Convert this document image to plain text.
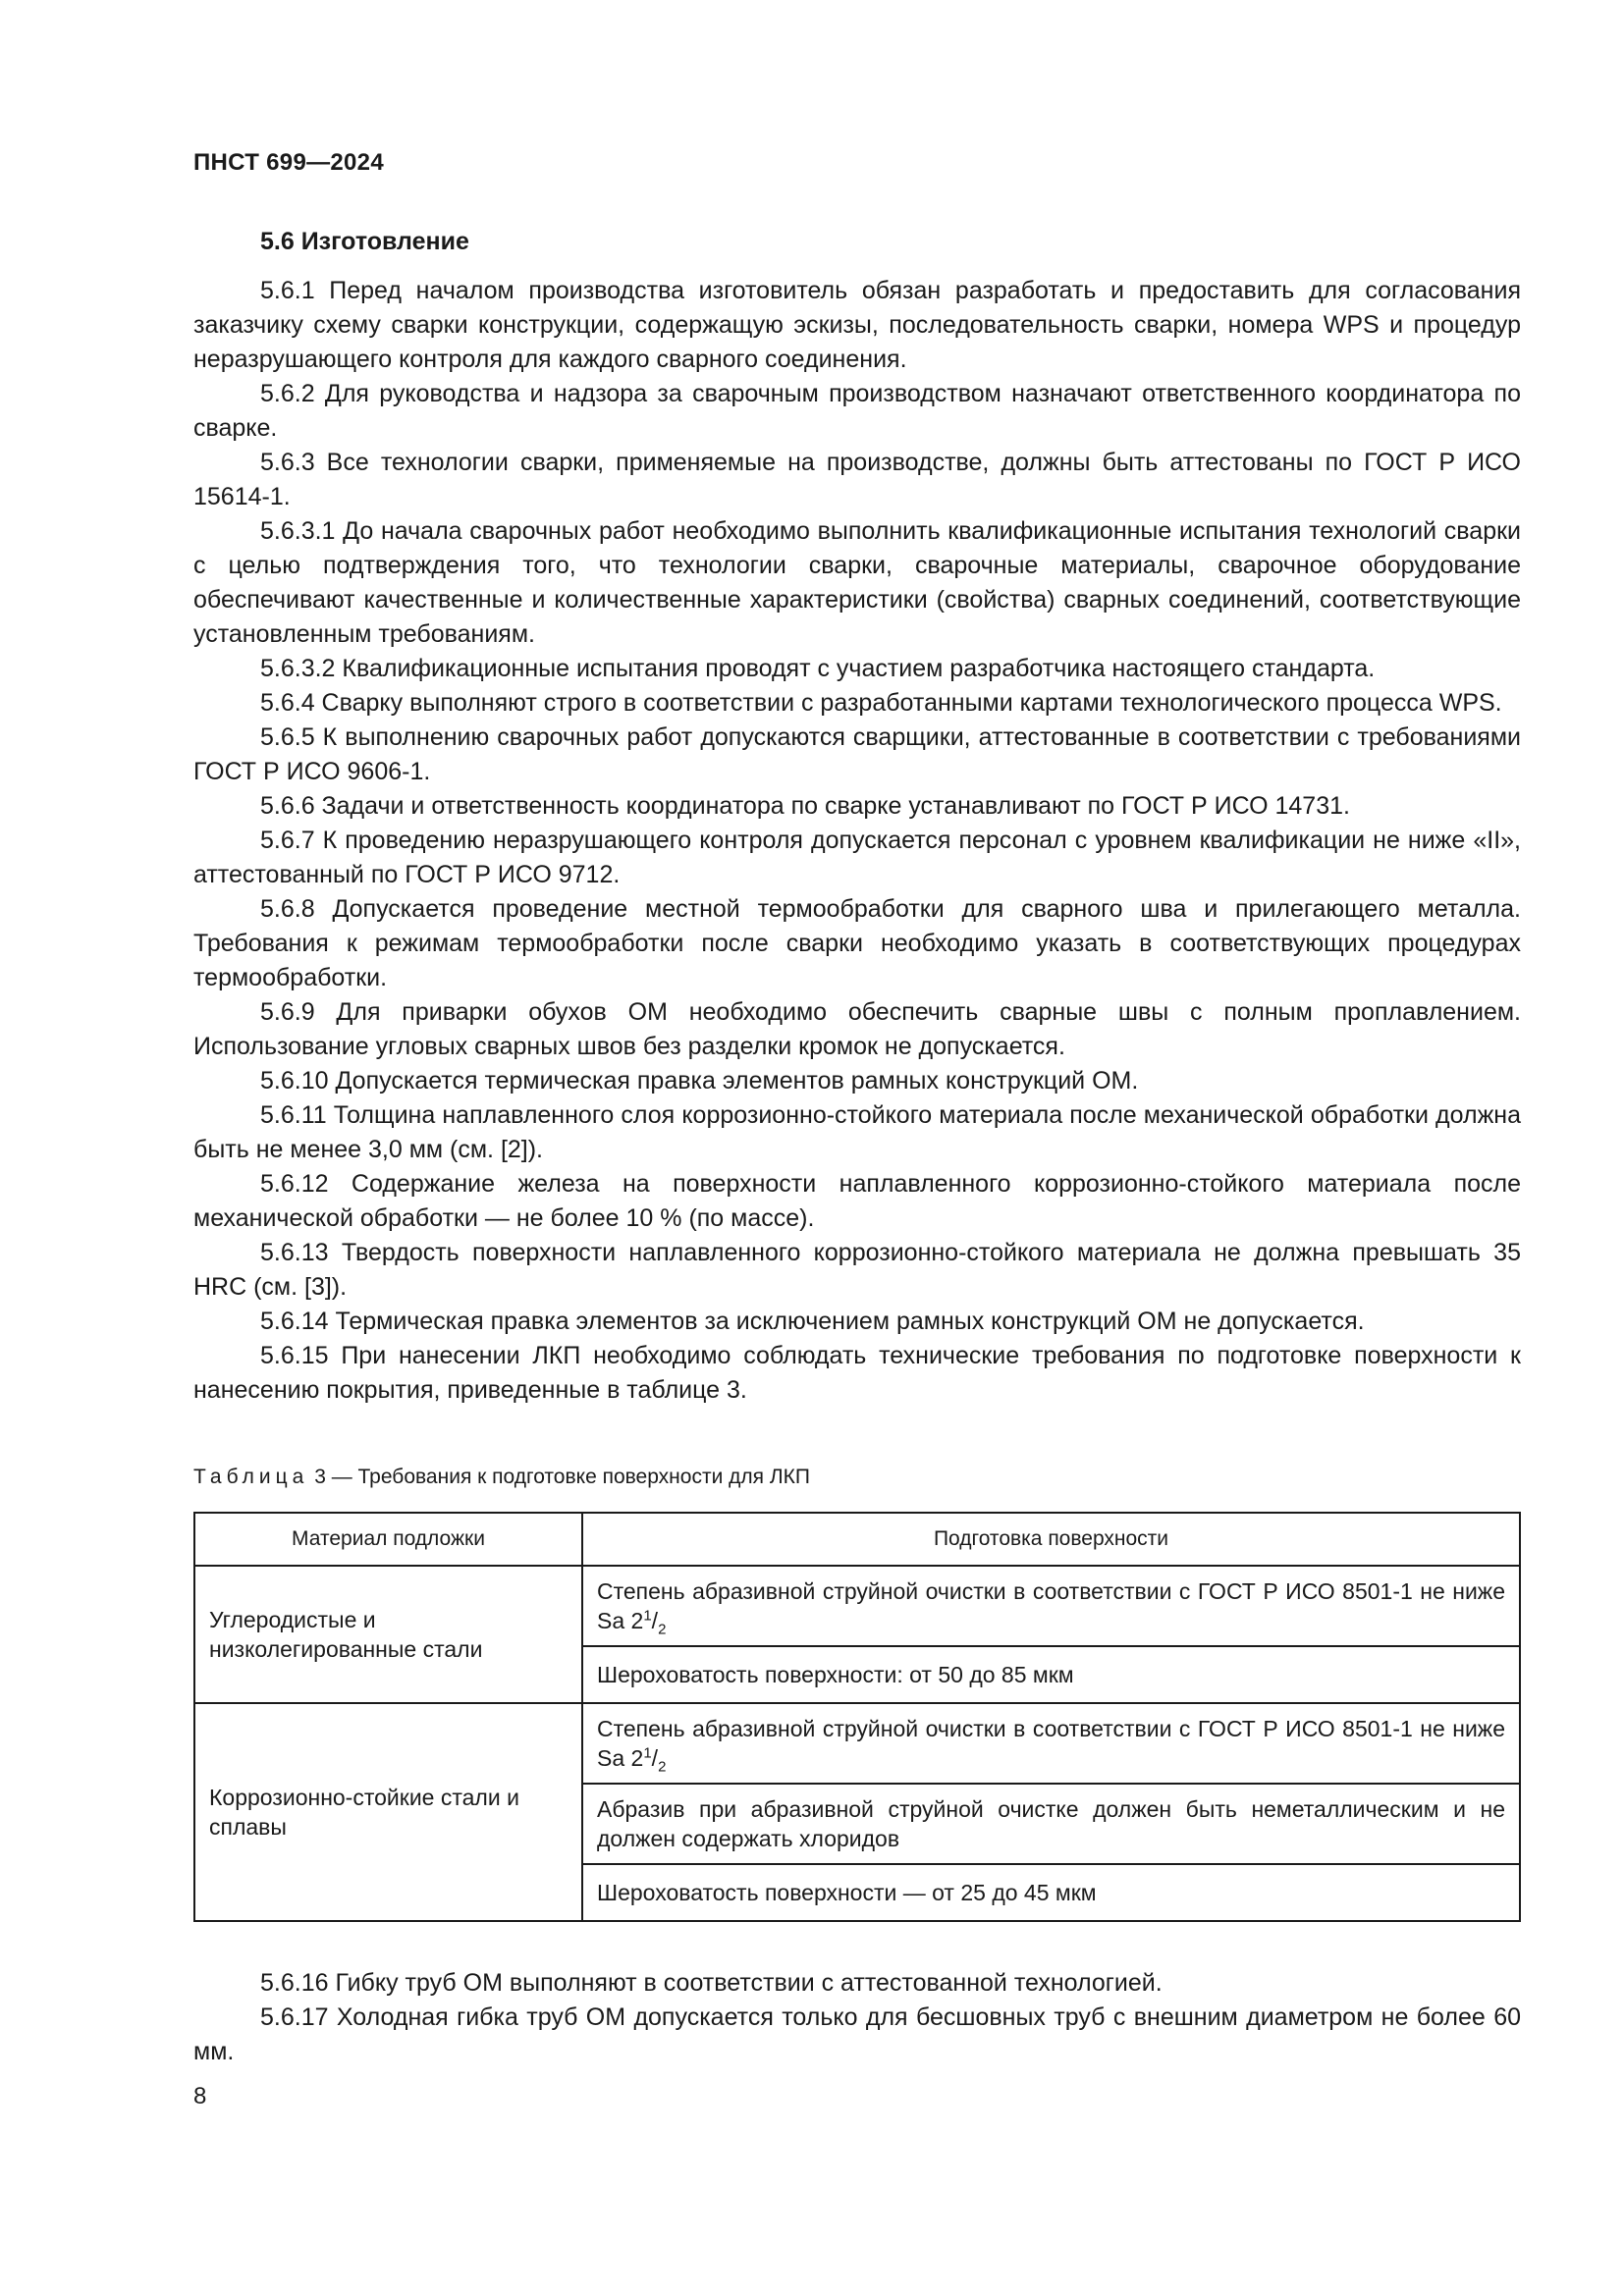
ПНСТ 699—2024
5.6 Изготовление

5.6.1 Перед началом производства изготовитель обязан разработать и предоставить для согласования заказчику схему сварки конструкции, содержащую эскизы, последовательность сварки, номера WPS и процедур неразрушающего контроля для каждого сварного соединения.

5.6.2 Для руководства и надзора за сварочным производством назначают ответственного координатора по сварке.

5.6.3 Все технологии сварки, применяемые на производстве, должны быть аттестованы по ГОСТ Р ИСО 15614-1.

5.6.3.1 До начала сварочных работ необходимо выполнить квалификационные испытания технологий сварки с целью подтверждения того, что технологии сварки, сварочные материалы, сварочное оборудование обеспечивают качественные и количественные характеристики (свойства) сварных соединений, соответствующие установленным требованиям.

5.6.3.2 Квалификационные испытания проводят с участием разработчика настоящего стандарта.

5.6.4 Сварку выполняют строго в соответствии с разработанными картами технологического процесса WPS.

5.6.5 К выполнению сварочных работ допускаются сварщики, аттестованные в соответствии с требованиями ГОСТ Р ИСО 9606-1.

5.6.6 Задачи и ответственность координатора по сварке устанавливают по ГОСТ Р ИСО 14731.

5.6.7 К проведению неразрушающего контроля допускается персонал с уровнем квалификации не ниже «II», аттестованный по ГОСТ Р ИСО 9712.

5.6.8 Допускается проведение местной термообработки для сварного шва и прилегающего металла. Требования к режимам термообработки после сварки необходимо указать в соответствующих процедурах термообработки.

5.6.9 Для приварки обухов ОМ необходимо обеспечить сварные швы с полным проплавлением. Использование угловых сварных швов без разделки кромок не допускается.

5.6.10 Допускается термическая правка элементов рамных конструкций ОМ.

5.6.11 Толщина наплавленного слоя коррозионно-стойкого материала после механической обработки должна быть не менее 3,0 мм (см. [2]).

5.6.12 Содержание железа на поверхности наплавленного коррозионно-стойкого материала после механической обработки — не более 10 % (по массе).

5.6.13 Твердость поверхности наплавленного коррозионно-стойкого материала не должна превышать 35 HRC (см. [3]).

5.6.14 Термическая правка элементов за исключением рамных конструкций ОМ не допускается.

5.6.15 При нанесении ЛКП необходимо соблюдать технические требования по подготовке поверхности к нанесению покрытия, приведенные в таблице 3.

Таблица 3 — Требования к подготовке поверхности для ЛКП
Материал подложки	Подготовка поверхности
Углеродистые и низколегированные стали	Степень абразивной струйной очистки в соответствии с ГОСТ Р ИСО 8501-1 не ниже Sa $2^1/_2$
	Шероховатость поверхности: от 50 до 85 мкм
Коррозионно-стойкие стали и сплавы	Степень абразивной струйной очистки в соответствии с ГОСТ Р ИСО 8501-1 не ниже Sa $2^1/_2$
	Абразив при абразивной струйной очистке должен быть неметаллическим и не должен содержать хлоридов
	Шероховатость поверхности — от 25 до 45 мкм

5.6.16 Гибку труб ОМ выполняют в соответствии с аттестованной технологией.

5.6.17 Холодная гибка труб ОМ допускается только для бесшовных труб с внешним диаметром не более 60 мм.

8
